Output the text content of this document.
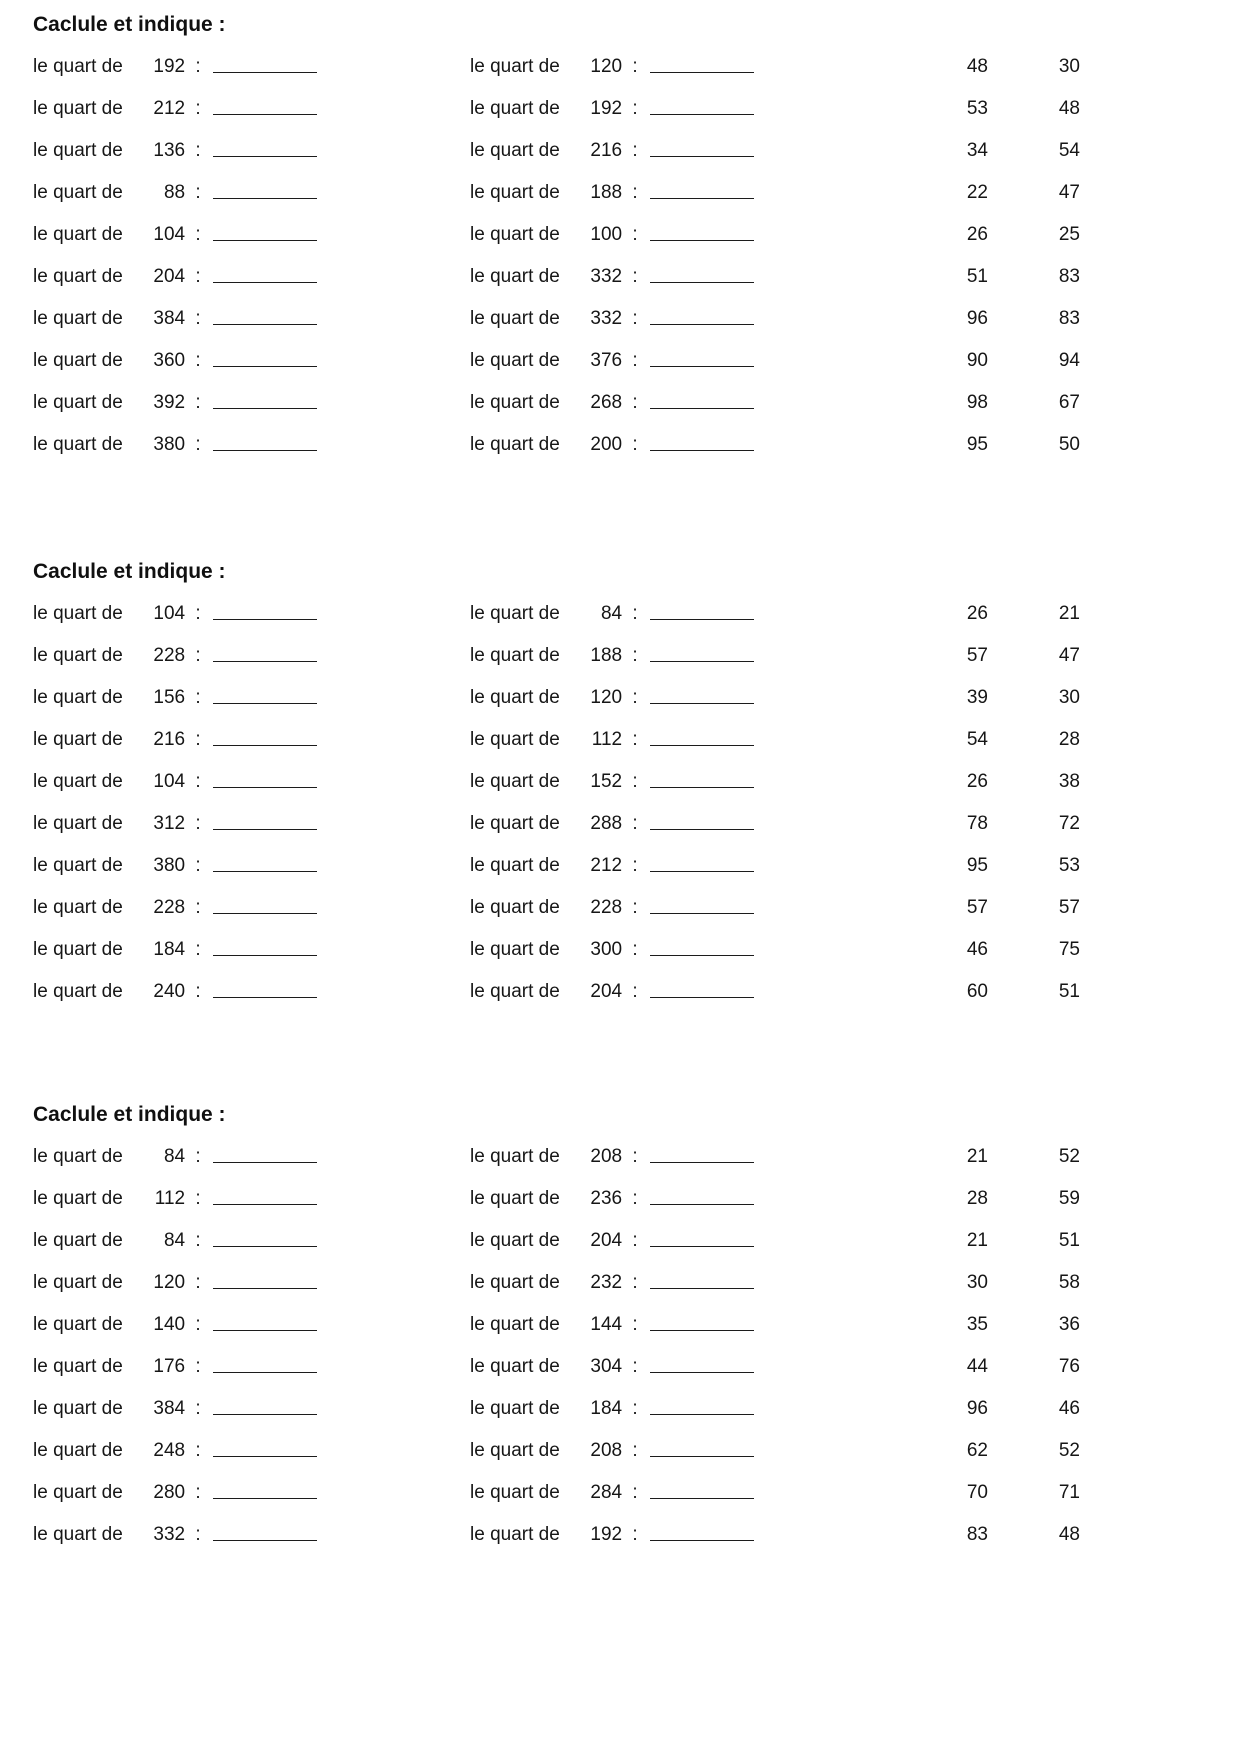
Caclule et indique :
le quart de 192 :	le quart de 120 :	48	30
le quart de 212 :	le quart de 192 :	53	48
le quart de 136 :	le quart de 216 :	34	54
le quart de 88 :	le quart de 188 :	22	47
le quart de 104 :	le quart de 100 :	26	25
le quart de 204 :	le quart de 332 :	51	83
le quart de 384 :	le quart de 332 :	96	83
le quart de 360 :	le quart de 376 :	90	94
le quart de 392 :	le quart de 268 :	98	67
le quart de 380 :	le quart de 200 :	95	50
Caclule et indique :
le quart de 104 :	le quart de 84 :	26	21
le quart de 228 :	le quart de 188 :	57	47
le quart de 156 :	le quart de 120 :	39	30
le quart de 216 :	le quart de 112 :	54	28
le quart de 104 :	le quart de 152 :	26	38
le quart de 312 :	le quart de 288 :	78	72
le quart de 380 :	le quart de 212 :	95	53
le quart de 228 :	le quart de 228 :	57	57
le quart de 184 :	le quart de 300 :	46	75
le quart de 240 :	le quart de 204 :	60	51
Caclule et indique :
le quart de 84 :	le quart de 208 :	21	52
le quart de 112 :	le quart de 236 :	28	59
le quart de 84 :	le quart de 204 :	21	51
le quart de 120 :	le quart de 232 :	30	58
le quart de 140 :	le quart de 144 :	35	36
le quart de 176 :	le quart de 304 :	44	76
le quart de 384 :	le quart de 184 :	96	46
le quart de 248 :	le quart de 208 :	62	52
le quart de 280 :	le quart de 284 :	70	71
le quart de 332 :	le quart de 192 :	83	48
